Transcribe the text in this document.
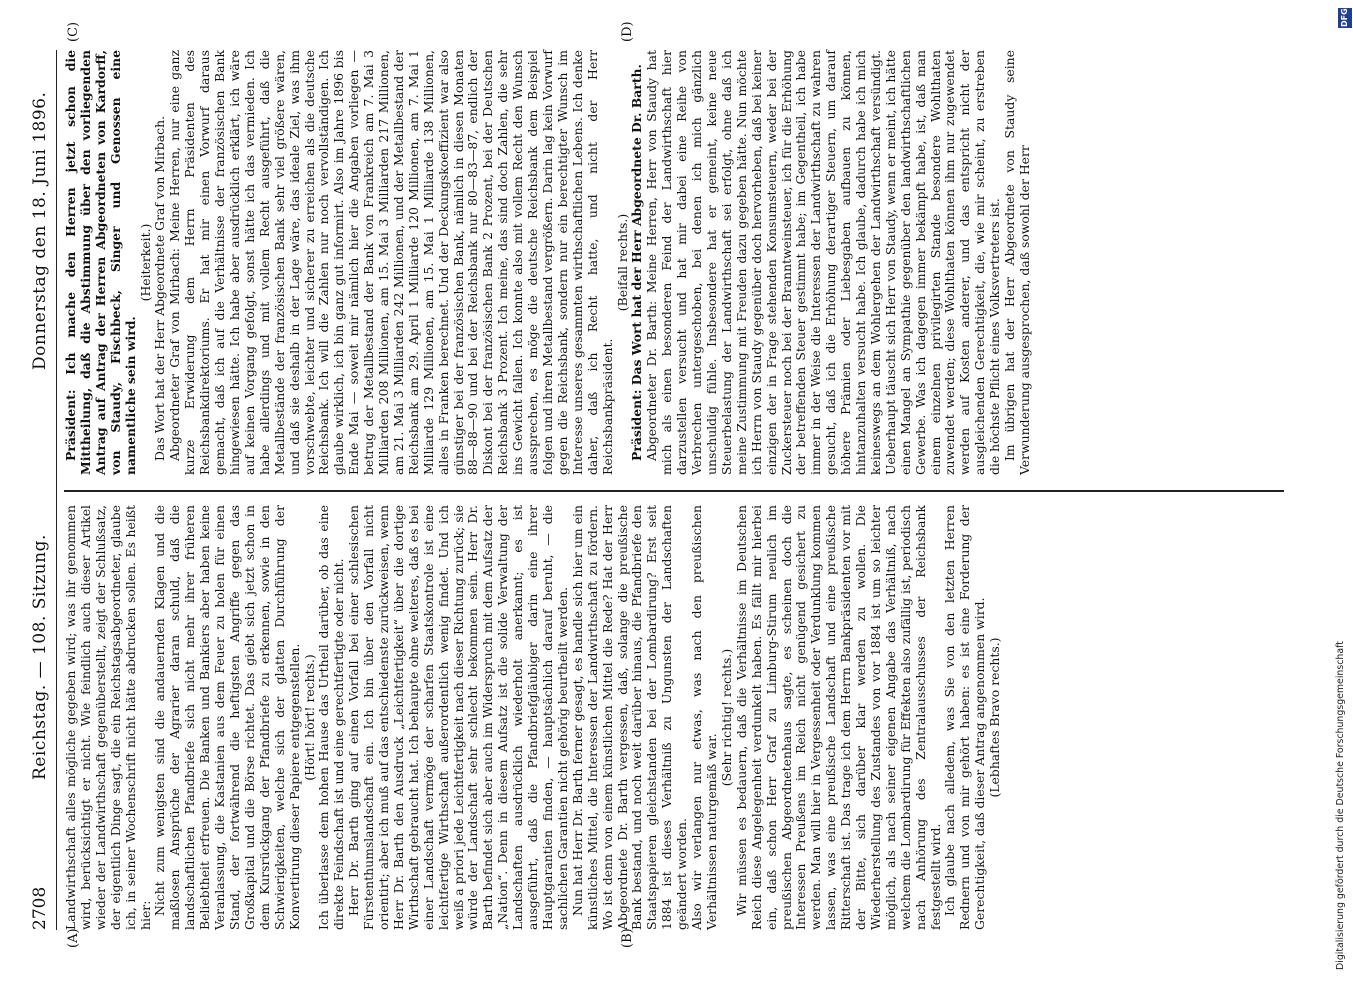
2708
Reichstag. — 108. Sitzung.
Donnerstag den 18. Juni 1896.
(A)	(B)
(C)	(D)

Landwirthschaft alles mögliche gegeben wird; was ihr genommen wird, berücksichtigt er nicht. Wie feindlich auch dieser Artikel wieder der Landwirthschaft gegenüberstellt, zeigt der Schlußsatz, der eigentlich Dinge sagt, die ein Reichstagsabgeordneter, glaube ich, in seiner Wochenschrift nicht hätte abdrucken sollen. Es heißt hier: Nicht zum wenigsten sind die andauernden Klagen und die maßlosen Ansprüche der Agrarier daran schuld, daß die landschaftlichen Pfandbriefe sich nicht mehr ihrer früheren Beliebtheit erfreuen. Die Banken und Bankiers aber haben keine Veranlassung, die Kastanien aus dem Feuer zu holen für einen Stand, der fortwährend die heftigsten Angriffe gegen das Großkapital und die Börse richtet. Das giebt sich jetzt schon in dem Kursrückgang der Pfandbriefe zu erkennen, sowie in den Schwierigkeiten, welche sich der glatten Durchführung der Konvertirung dieser Papiere entgegenstellen. (Hört! hört! rechts.) Ich überlasse dem hohen Hause das Urtheil darüber, ob das eine direkte Feindschaft ist und eine gerechtfertigte oder nicht. Herr Dr. Barth ging auf einen Vorfall bei einer schlesischen Fürstenthumslandschaft ein. Ich bin über den Vorfall nicht orientirt; aber ich muß auf das entschiedenste zurückweisen, wenn Herr Dr. Barth den Ausdruck „Leichtfertigkeit“ über die dortige Wirthschaft gebraucht hat. Ich behaupte ohne weiteres, daß es bei einer Landschaft vermöge der scharfen Staatskontrole ist eine leichtfertige Wirthschaft außerordentlich wenig findet. Und ich weiß a priori jede Leichtfertigkeit nach dieser Richtung zurück; sie würde der Landschaft sehr schlecht bekommen sein. Herr Dr. Barth befindet sich aber auch im Widerspruch mit dem Aufsatz der „Nation“. Denn in diesem Aufsatz ist die solide Verwaltung der Landschaften ausdrücklich wiederholt anerkannt; es ist ausgeführt, daß die Pfandbriefgläubiger darin eine ihrer Hauptgarantien finden, — hauptsächlich darauf beruht, — die sachlichen Garantien nicht gehörig beurtheilt werden. Nun hat Herr Dr. Barth ferner gesagt, es handle sich hier um ein künstliches Mittel, die Interessen der Landwirthschaft zu fördern. Wo ist denn von einem künstlichen Mittel die Rede? Hat der Herr Abgeordnete Dr. Barth vergessen, daß, solange die preußische Bank bestand, und noch weit darüber hinaus, die Pfandbriefe den Staatspapieren gleichstanden bei der Lombardirung? Erst seit 1884 ist dieses Verhältniß zu Ungunsten der Landschaften geändert worden. Also wir verlangen nur etwas, was nach den preußischen Verhältnissen naturgemäß war.

(Sehr richtig! rechts.) Wir müssen es bedauern, daß die Verhältnisse im Deutschen Reich diese Angelegenheit verdunkelt haben. Es fällt mir hierbei ein, daß schon Herr Graf zu Limburg-Stirum neulich im preußischen Abgeordnetenhaus sagte, es scheinen doch die Interessen Preußens im Reich nicht genügend gesichert zu werden. Man will hier in Vergessenheit oder Verdunklung kommen lassen, was eine preußische Landschaft und eine preußische Ritterschaft ist. Das trage ich dem Herrn Bankpräsidenten vor mit der Bitte, sich darüber klar werden zu wollen. Die Wiederherstellung des Zustandes von vor 1884 ist um so leichter möglich, als nach seiner eigenen Angabe das Verhältniß, nach welchem die Lombardirung für Effekten also zufällig ist, periodisch nach Anhörung des Zentralausschusses der Reichsbank festgestellt wird. Ich glaube nach alledem, was Sie von den letzten Herren Rednern und von mir gehört haben: es ist eine Forderung der Gerechtigkeit, daß dieser Antrag angenommen wird. (Lebhaftes Bravo rechts.)

Präsident: Ich mache den Herren jetzt schon die Mittheilung, daß die Abstimmung über den vorliegenden Antrag auf Antrag der Herren Abgeordneten von Kardorff, von Staudy, Fischbeck, Singer und Genossen eine namentliche sein wird.

(Heiterkeit.) Das Wort hat der Herr Abgeordnete Graf von Mirbach. Abgeordneter Graf von Mirbach: Meine Herren, nur eine ganz kurze Erwiderung dem Herrn Präsidenten des Reichsbankdirektoriums. Er hat mir einen Vorwurf daraus gemacht, daß ich auf die Verhältnisse der französischen Bank hingewiesen hätte. Ich habe aber ausdrücklich erklärt, ich wäre auf keinen Vorgang gefolgt, sonst hätte ich das vermieden. Ich habe allerdings und mit vollem Recht ausgeführt, daß die Metallbestände der französischen Bank sehr viel größere wären, und daß sie deshalb in der Lage wäre, das ideale Ziel, was ihm vorschwebte, leichter und sicherer zu erreichen als die deutsche Reichsbank. Ich will die Zahlen nur noch vervollständigen. Ich glaube wirklich, ich bin ganz gut informirt. Also im Jahre 1896 bis Ende Mai — soweit mir nämlich hier die Angaben vorliegen — betrug der Metallbestand der Bank von Frankreich am 7. Mai 3 Milliarden 208 Millionen, am 15. Mai 3 Milliarden 217 Millionen, am 21. Mai 3 Milliarden 242 Millionen, und der Metallbestand der Reichsbank am 29. April 1 Milliarde 120 Millionen, am 7. Mai 1 Milliarde 129 Millionen, am 15. Mai 1 Milliarde 138 Millionen, alles in Franken berechnet. Und der Deckungskoeffizient war also günstiger bei der französischen Bank, nämlich in diesen Monaten 88—88—90 und bei der Reichsbank nur 80—83—87, endlich der Diskont bei der französischen Bank 2 Prozent, bei der Deutschen Reichsbank 3 Prozent. Ich meine, das sind doch Zahlen, die sehr ins Gewicht fallen. Ich konnte also mit vollem Recht den Wunsch aussprechen, es möge die deutsche Reichsbank dem Beispiel folgen und ihren Metallbestand vergrößern. Darin lag kein Vorwurf gegen die Reichsbank, sondern nur ein berechtigter Wunsch im Interesse unseres gesammten wirthschaftlichen Lebens. Ich denke daher, daß ich Recht hatte, und nicht der Herr Reichsbankpräsident.

(Beifall rechts.) Präsident: Das Wort hat der Herr Abgeordnete Dr. Barth. Abgeordneter Dr. Barth: Meine Herren, Herr von Staudy hat mich als einen besonderen Feind der Landwirthschaft hier darzustellen versucht und hat mir dabei eine Reihe von Verbrechen untergeschoben, bei denen ich mich gänzlich unschuldig fühle. Insbesondere hat er gemeint, keine neue Steuerbelastung der Landwirthschaft sei erfolgt, ohne daß ich meine Zustimmung mit Freuden dazu gegeben hätte. Nun möchte ich Herrn von Staudy gegenüber doch hervorheben, daß bei keiner einzigen der in Frage stehenden Konsumsteuern, weder bei der Zuckersteuer noch bei der Branntweinsteuer, ich für die Erhöhung der betreffenden Steuer gestimmt habe; im Gegentheil, ich habe immer in der Weise die Interessen der Landwirthschaft zu wahren gesucht, daß ich die Erhöhung derartiger Steuern, um darauf höhere Prämien oder Liebesgaben aufbauen zu können, hintanzuhalten versucht habe. Ich glaube, dadurch habe ich mich keineswegs an dem Wohlergehen der Landwirthschaft versündigt. Ueberhaupt täuscht sich Herr von Staudy, wenn er meint, ich hätte einen Mangel an Sympathie gegenüber den landwirthschaftlichen Gewerbe. Was ich dagegen immer bekämpft habe, ist, daß man einem einzelnen privilegirten Stande besondere Wohlthaten zuwendet werden; diese Wohlthaten können ihm nur zugewendet werden auf Kosten anderer, und das entspricht nicht der ausgleichenden Gerechtigkeit, die, wie mir scheint, zu erstreben die höchste Pflicht eines Volksvertreters ist. Im übrigen hat der Herr Abgeordnete von Staudy seine Verwunderung ausgesprochen, daß sowohl der Herr

DFG
Digitalisierung gefördert durch die Deutsche Forschungsgemeinschaft
